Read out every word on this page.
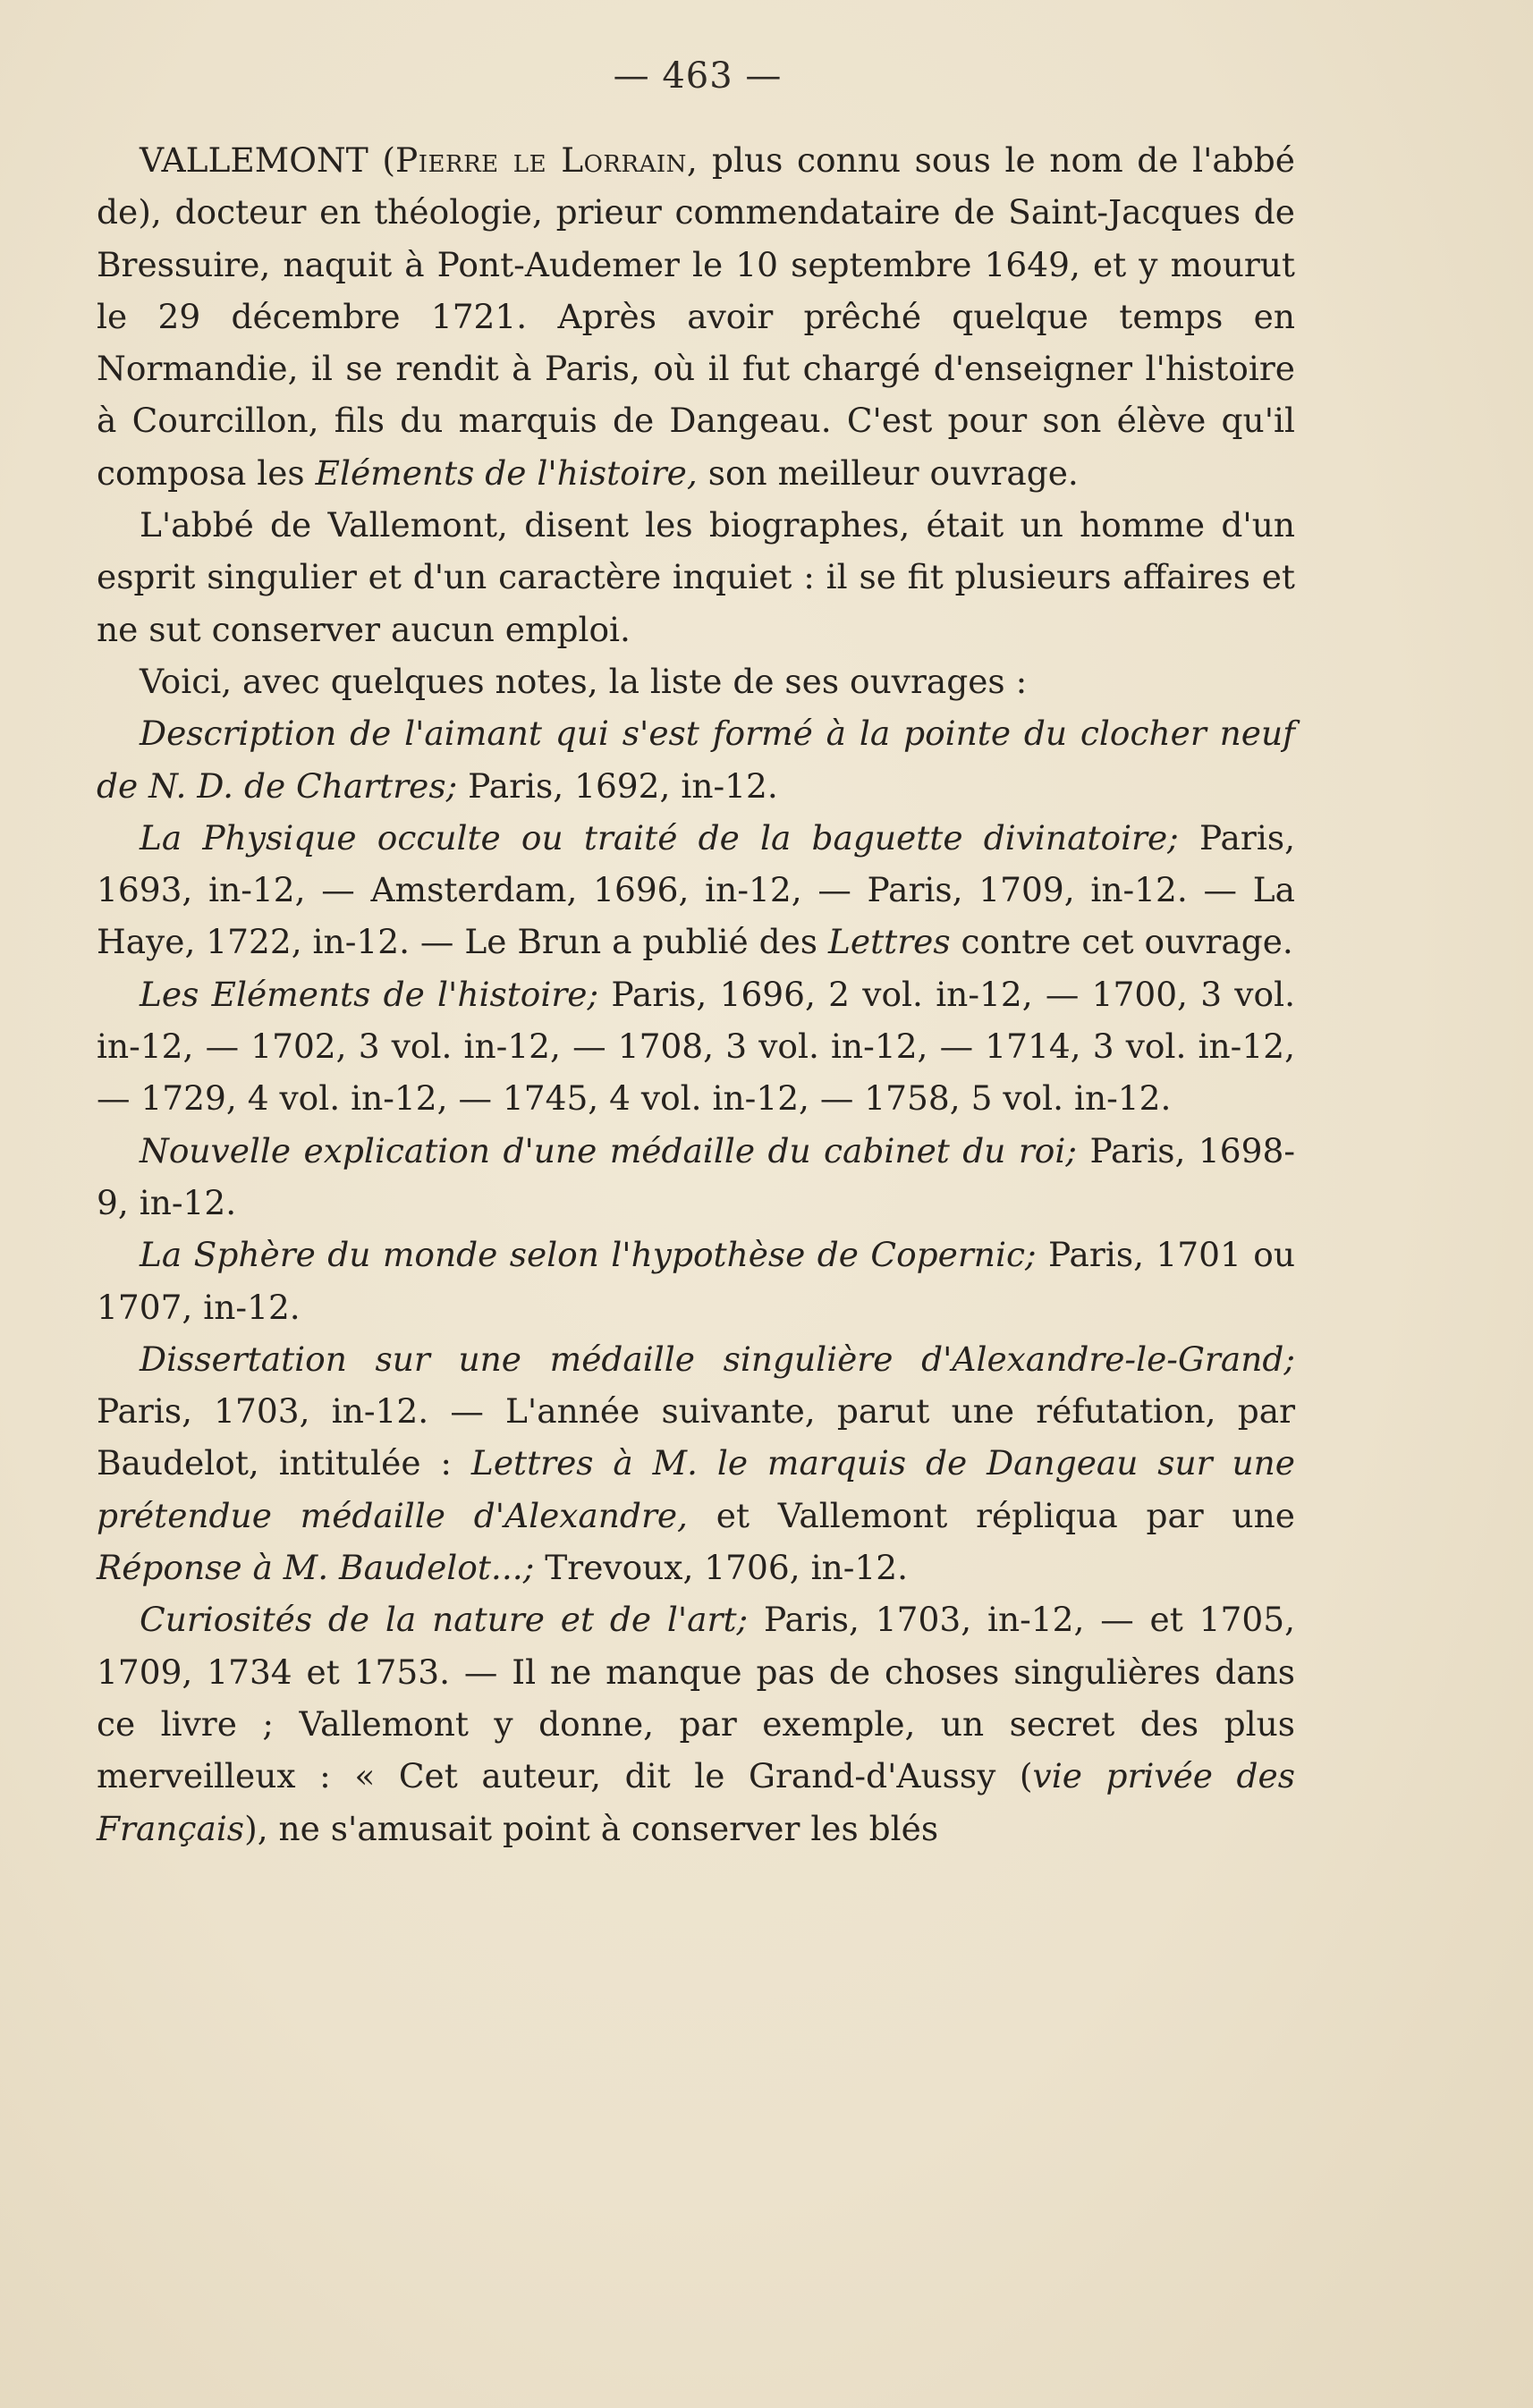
— 463 —

VALLEMONT (Pierre le Lorrain, plus connu sous le nom de l'abbé de), docteur en théologie, prieur commendataire de Saint-Jacques de Bressuire, naquit à Pont-Audemer le 10 septembre 1649, et y mourut le 29 décembre 1721. Après avoir prêché quelque temps en Normandie, il se rendit à Paris, où il fut chargé d'enseigner l'histoire à Courcillon, fils du marquis de Dangeau. C'est pour son élève qu'il composa les Eléments de l'histoire, son meilleur ouvrage.

L'abbé de Vallemont, disent les biographes, était un homme d'un esprit singulier et d'un caractère inquiet : il se fit plusieurs affaires et ne sut conserver aucun emploi.

Voici, avec quelques notes, la liste de ses ouvrages :

Description de l'aimant qui s'est formé à la pointe du clocher neuf de N. D. de Chartres; Paris, 1692, in-12.

La Physique occulte ou traité de la baguette divinatoire; Paris, 1693, in-12, — Amsterdam, 1696, in-12, — Paris, 1709, in-12. — La Haye, 1722, in-12. — Le Brun a publié des Lettres contre cet ouvrage.

Les Eléments de l'histoire; Paris, 1696, 2 vol. in-12, — 1700, 3 vol. in-12, — 1702, 3 vol. in-12, — 1708, 3 vol. in-12, — 1714, 3 vol. in-12, — 1729, 4 vol. in-12, — 1745, 4 vol. in-12, — 1758, 5 vol. in-12.

Nouvelle explication d'une médaille du cabinet du roi; Paris, 1698-9, in-12.

La Sphère du monde selon l'hypothèse de Copernic; Paris, 1701 ou 1707, in-12.

Dissertation sur une médaille singulière d'Alexandre-le-Grand; Paris, 1703, in-12. — L'année suivante, parut une réfutation, par Baudelot, intitulée : Lettres à M. le marquis de Dangeau sur une prétendue médaille d'Alexandre, et Vallemont répliqua par une Réponse à M. Baudelot...; Trevoux, 1706, in-12.

Curiosités de la nature et de l'art; Paris, 1703, in-12, — et 1705, 1709, 1734 et 1753. — Il ne manque pas de choses singulières dans ce livre ; Vallemont y donne, par exemple, un secret des plus merveilleux : « Cet auteur, dit le Grand-d'Aussy (vie privée des Français), ne s'amusait point à conserver les blés
